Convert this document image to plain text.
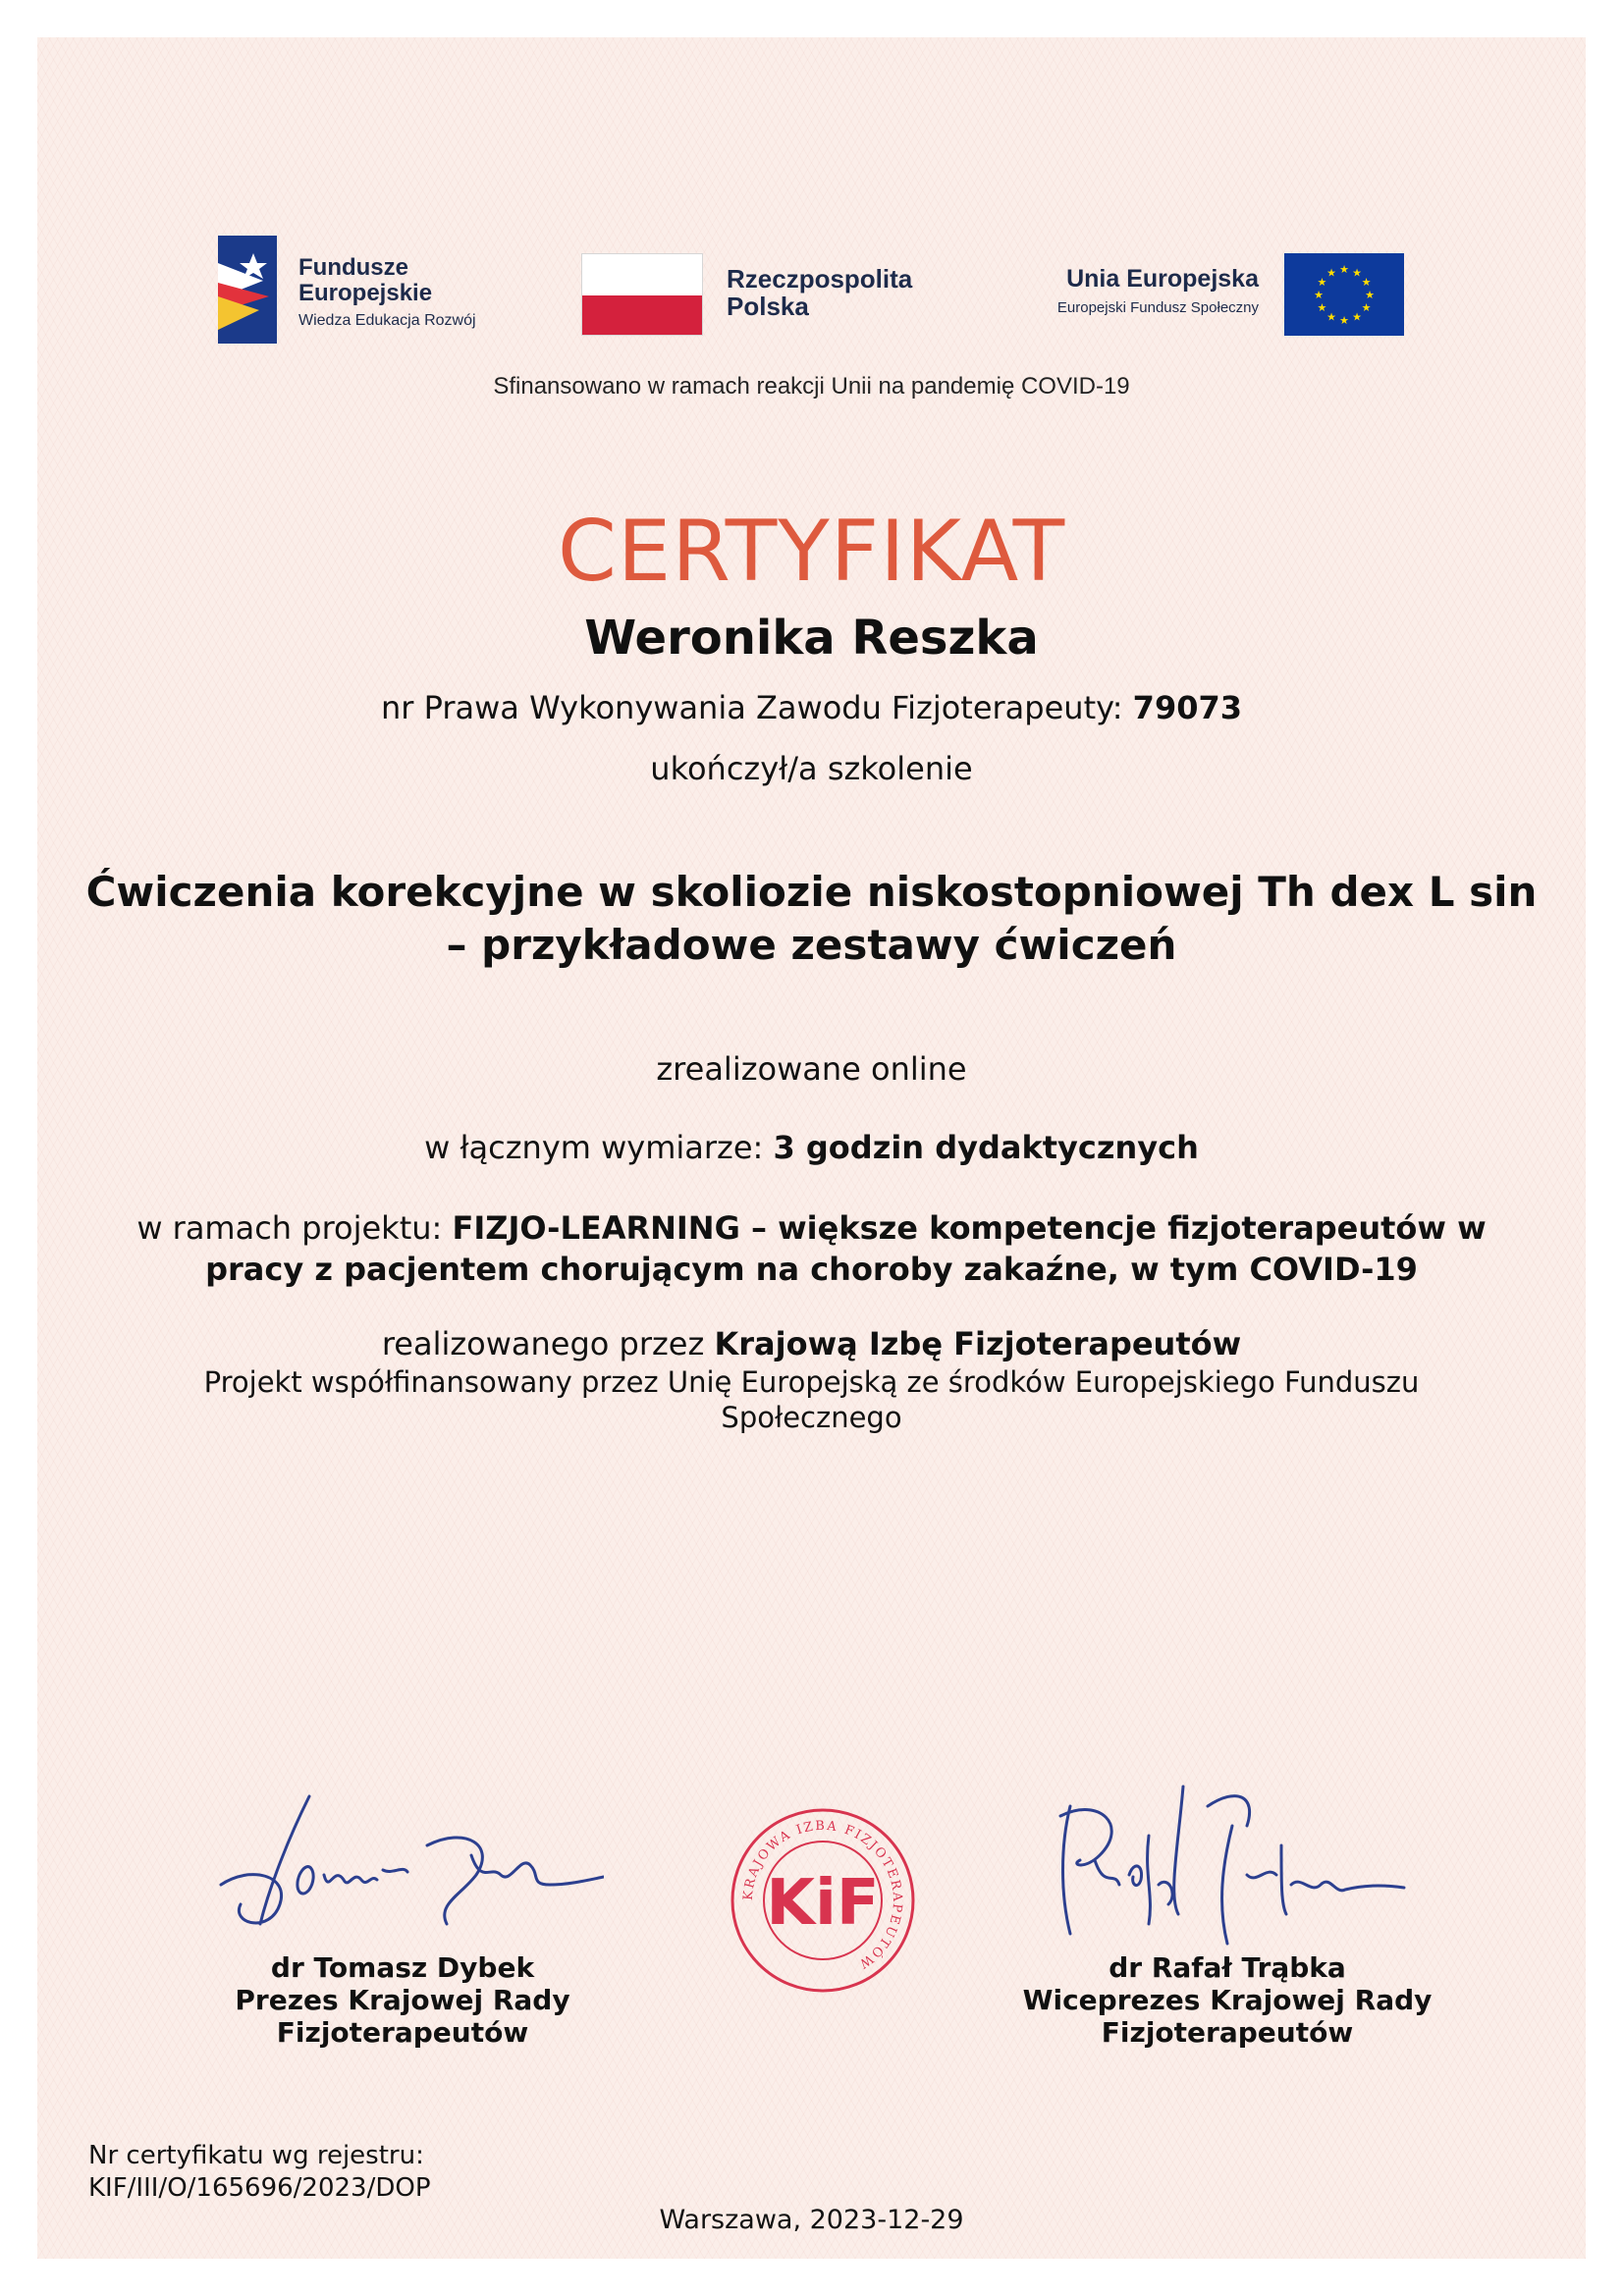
Fundusze
Europejskie
Wiedza Edukacja Rozwój
Rzeczpospolita
Polska
Unia Europejska
Europejski Fundusz Społeczny
★
★
★
★
★
★
★
★
★ ★ ★
★
Sfinansowano w ramach reakcji Unii na pandemię COVID-19
CERTYFIKAT
Weronika Reszka
nr Prawa Wykonywania Zawodu Fizjoterapeuty: 79073
ukończył/a szkolenie
Ćwiczenia korekcyjne w skoliozie niskostopniowej Th dex L sin – przykładowe zestawy ćwiczeń
zrealizowane online
w łącznym wymiarze: 3 godzin dydaktycznych
w ramach projektu: FIZJO-LEARNING – większe kompetencje fizjoterapeutów w pracy z pacjentem chorującym na choroby zakaźne, w tym COVID-19
realizowanego przez Krajową Izbę Fizjoterapeutów
Projekt współfinansowany przez Unię Europejską ze środków Europejskiego Funduszu Społecznego
KRAJOWA IZBA FIZJOTERAPEUTÓW
KiF
dr Tomasz Dybek
Prezes Krajowej Rady
Fizjoterapeutów
dr Rafał Trąbka
Wiceprezes Krajowej Rady
Fizjoterapeutów
Nr certyfikatu wg rejestru:
KIF/III/O/165696/2023/DOP
Warszawa, 2023-12-29
